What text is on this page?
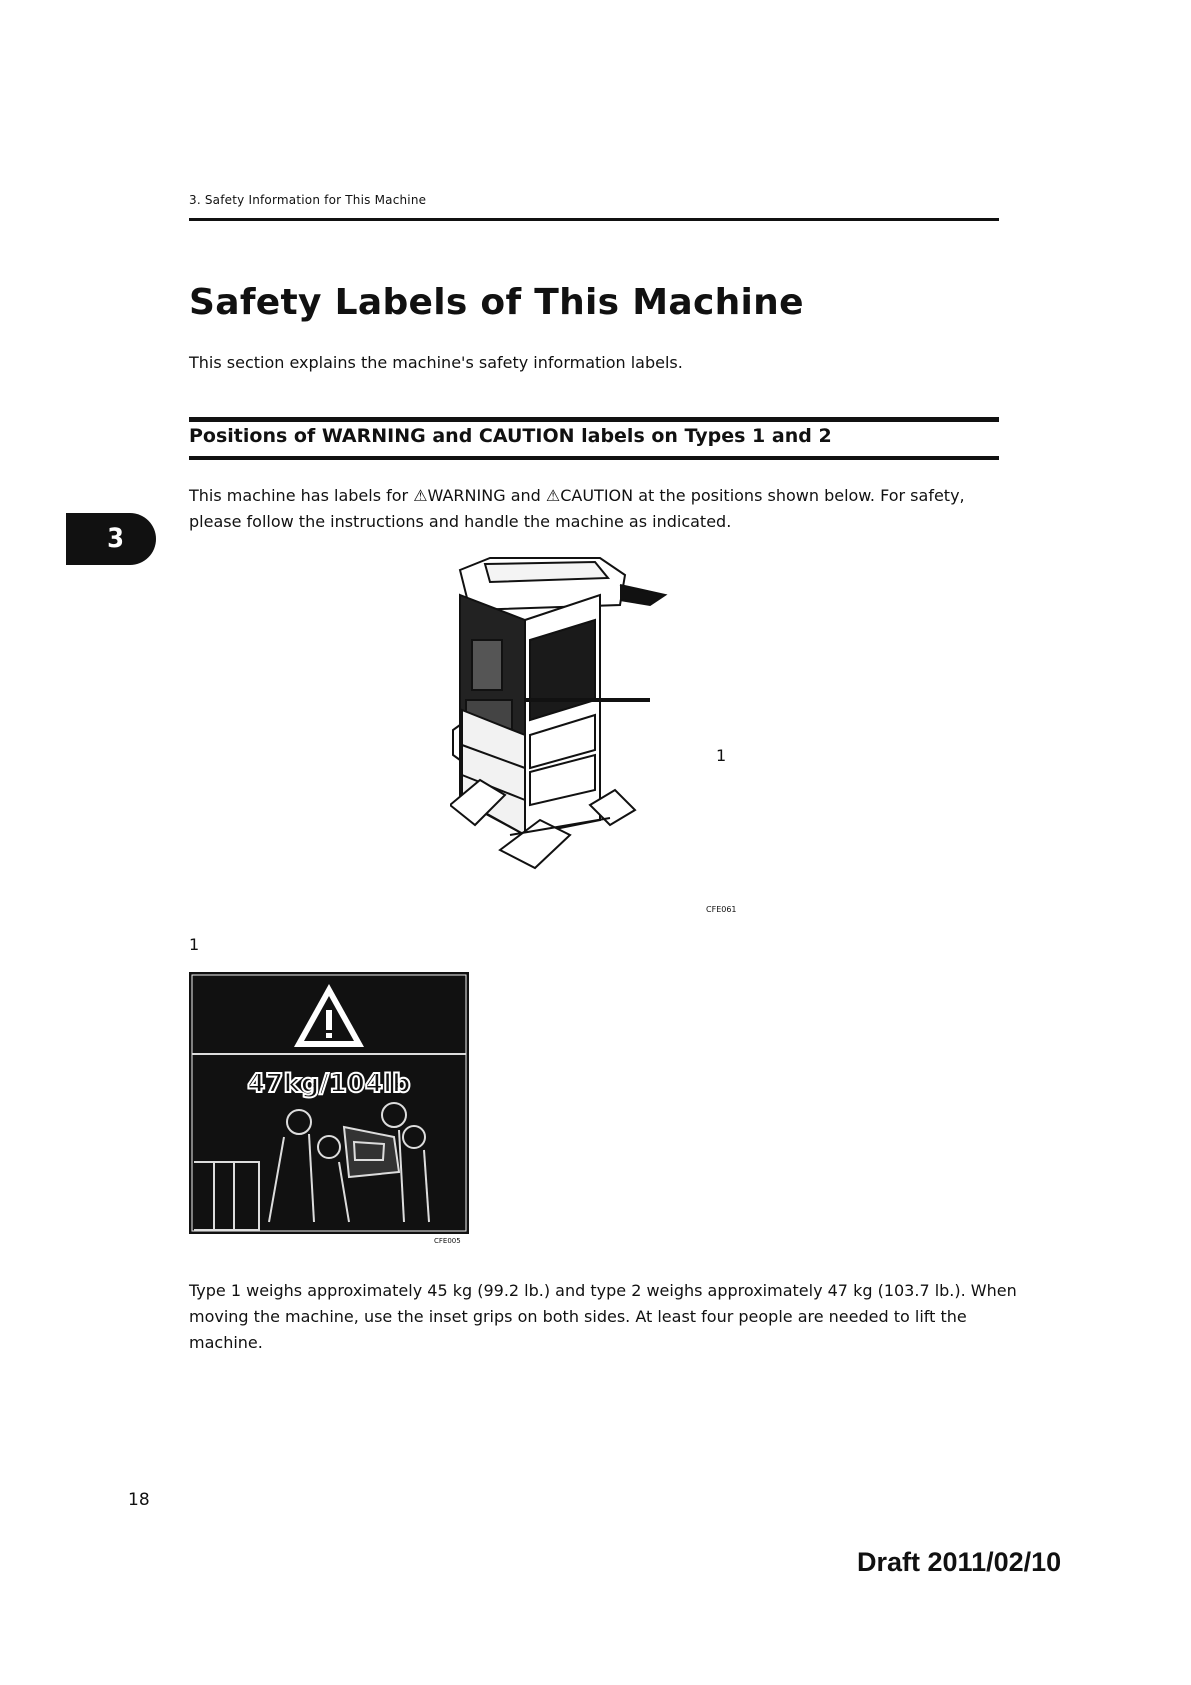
3. Safety Information for This Machine
Safety Labels of This Machine

This section explains the machine's safety information labels.

Positions of WARNING and CAUTION labels on Types 1 and 2

This machine has labels for ⚠WARNING and ⚠CAUTION at the positions shown below. For safety, please follow the instructions and handle the machine as indicated.

3
1
CFE061
1
47kg/104lb
CFE005

Type 1 weighs approximately 45 kg (99.2 lb.) and type 2 weighs approximately 47 kg (103.7 lb.). When moving the machine, use the inset grips on both sides. At least four people are needed to lift the machine.

18
Draft 2011/02/10
